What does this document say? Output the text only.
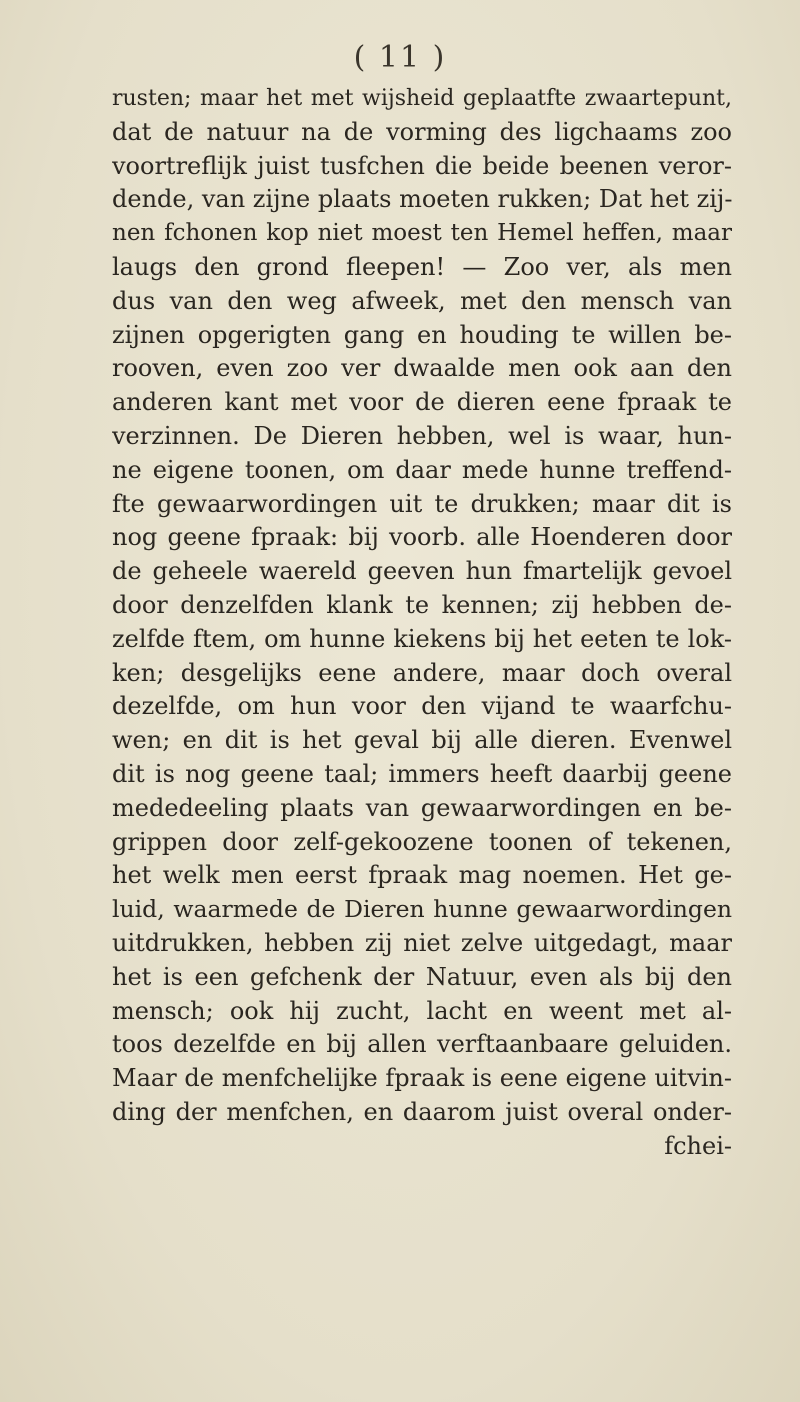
( 11 )
rusten; maar het met wijsheid geplaatfte zwaartepunt,
dat de natuur na de vorming des ligchaams zoo
voortreflijk juist tusfchen die beide beenen veror-
dende, van zijne plaats moeten rukken; Dat het zij-
nen fchonen kop niet moest ten Hemel heffen, maar
laugs den grond fleepen! — Zoo ver, als men
dus van den weg afweek, met den mensch van
zijnen opgerigten gang en houding te willen be-
rooven, even zoo ver dwaalde men ook aan den
anderen kant met voor de dieren eene fpraak te
verzinnen. De Dieren hebben, wel is waar, hun-
ne eigene toonen, om daar mede hunne treffend-
fte gewaarwordingen uit te drukken; maar dit is
nog geene fpraak: bij voorb. alle Hoenderen door
de geheele waereld geeven hun fmartelijk gevoel
door denzelfden klank te kennen; zij hebben de-
zelfde ftem, om hunne kiekens bij het eeten te lok-
ken; desgelijks eene andere, maar doch overal
dezelfde, om hun voor den vijand te waarfchu-
wen; en dit is het geval bij alle dieren. Evenwel
dit is nog geene taal; immers heeft daarbij geene
mededeeling plaats van gewaarwordingen en be-
grippen door zelf-gekoozene toonen of tekenen,
het welk men eerst fpraak mag noemen. Het ge-
luid, waarmede de Dieren hunne gewaarwordingen
uitdrukken, hebben zij niet zelve uitgedagt, maar
het is een gefchenk der Natuur, even als bij den
mensch; ook hij zucht, lacht en weent met al-
toos dezelfde en bij allen verftaanbaare geluiden.
Maar de menfchelijke fpraak is eene eigene uitvin-
ding der menfchen, en daarom juist overal onder-
fchei-
